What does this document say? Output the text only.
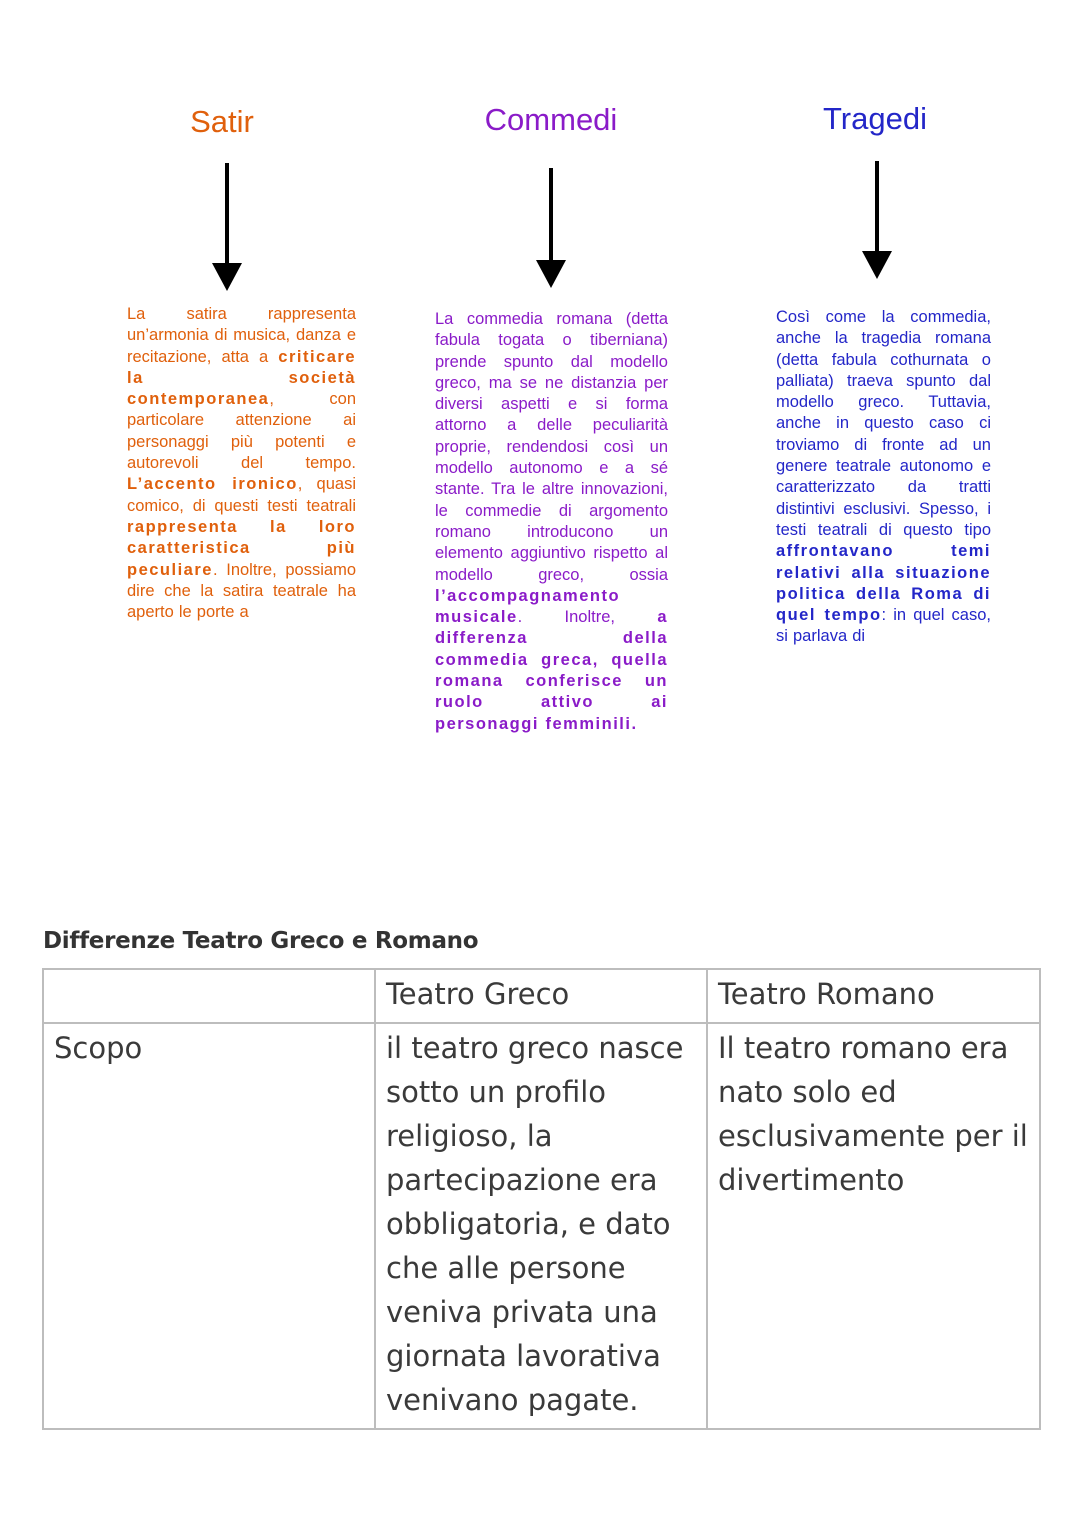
Satir	Commedi	Tragedi
La satira rappresenta un’armonia di musica, danza e recitazione, atta a criticare la società contemporanea, con particolare attenzione ai personaggi più potenti e autorevoli del tempo. L’accento ironico, quasi comico, di questi testi teatrali rappresenta la loro caratteristica più peculiare. Inoltre, possiamo dire che la satira teatrale ha aperto le porte a
La commedia romana (detta fabula togata o tiberniana) prende spunto dal modello greco, ma se ne distanzia per diversi aspetti e si forma attorno a delle peculiarità proprie, rendendosi così un modello autonomo e a sé stante. Tra le altre innovazioni, le commedie di argomento romano introducono un elemento aggiuntivo rispetto al modello greco, ossia l’accompagnamento musicale. Inoltre, a differenza della commedia greca, quella romana conferisce un ruolo attivo ai personaggi femminili.
Così come la commedia, anche la tragedia romana (detta fabula cothurnata o palliata) traeva spunto dal modello greco. Tuttavia, anche in questo caso ci troviamo di fronte ad un genere teatrale autonomo e caratterizzato da tratti distintivi esclusivi. Spesso, i testi teatrali di questo tipo affrontavano temi relativi alla situazione politica della Roma di quel tempo: in quel caso, si parlava di
Differenze Teatro Greco e Romano
	Teatro Greco	Teatro Romano
Scopo	il teatro greco nasce sotto un profilo religioso, la partecipazione era obbligatoria, e dato che alle persone veniva privata una giornata lavorativa venivano pagate.	Il teatro romano era nato solo ed esclusivamente per il divertimento
